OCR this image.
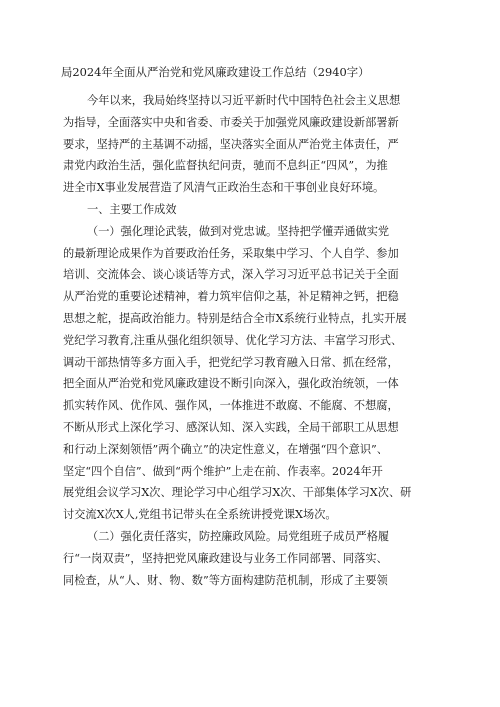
局2024年全面从严治党和党风廉政建设工作总结（2940字）

今年以来，我局始终坚持以习近平新时代中国特色社会主义思想
为指导，全面落实中央和省委、市委关于加强党风廉政建设新部署新
要求，坚持严的主基调不动摇，坚决落实全面从严治党主体责任，严
肃党内政治生活，强化监督执纪问责，驰而不息纠正“四风”，为推
进全市X事业发展营造了风清气正政治生态和干事创业良好环境。

一、主要工作成效

（一）强化理论武装，做到对党忠诚。坚持把学懂弄通做实党
的最新理论成果作为首要政治任务，采取集中学习、个人自学、参加
培训、交流体会、谈心谈话等方式，深入学习习近平总书记关于全面
从严治党的重要论述精神，着力筑牢信仰之基，补足精神之钙，把稳
思想之舵，提高政治能力。特别是结合全市X系统行业特点，扎实开展
党纪学习教育,注重从强化组织领导、优化学习方法、丰富学习形式、
调动干部热情等多方面入手，把党纪学习教育融入日常、抓在经常，
把全面从严治党和党风廉政建设不断引向深入，强化政治统领，一体
抓实转作风、优作风、强作风，一体推进不敢腐、不能腐、不想腐，
不断从形式上深化学习、感深认知、深入实践，全局干部职工从思想
和行动上深刻领悟”两个确立”的决定性意义，在增强“四个意识”、
坚定“四个自信”、做到“两个维护”上走在前、作表率。2024年开
展党组会议学习X次、理论学习中心组学习X次、干部集体学习X次、研
讨交流X次X人,党组书记带头在全系统讲授党课X场次。

（二）强化责任落实，防控廉政风险。局党组班子成员严格履
行“一岗双责”，坚持把党风廉政建设与业务工作同部署、同落实、
同检查，从“人、财、物、数”等方面构建防范机制，形成了主要领
